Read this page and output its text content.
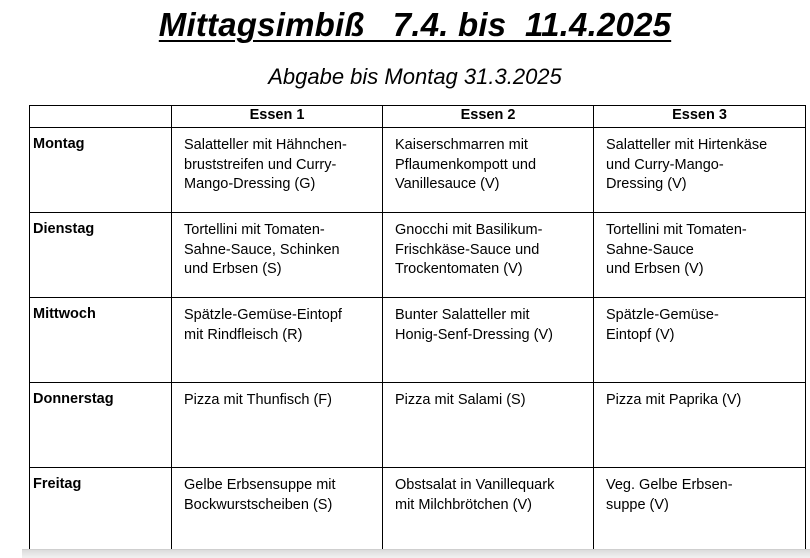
Mittagsimbiß   7.4. bis  11.4.2025
Abgabe bis Montag 31.3.2025
	Essen 1	Essen 2	Essen 3
Montag	Salatteller mit Hähnchen-
bruststreifen und Curry-
Mango-Dressing (G)	Kaiserschmarren mit
Pflaumenkompott und
Vanillesauce (V)	Salatteller mit Hirtenkäse
und Curry-Mango-
Dressing (V)

Dienstag	Tortellini mit Tomaten-
Sahne-Sauce, Schinken
und Erbsen (S)	Gnocchi mit Basilikum-
Frischkäse-Sauce und
Trockentomaten (V)	Tortellini mit Tomaten-
Sahne-Sauce
und Erbsen (V)

Mittwoch	Spätzle-Gemüse-Eintopf
mit Rindfleisch (R)	Bunter Salatteller mit
Honig-Senf-Dressing (V)	Spätzle-Gemüse-
Eintopf (V)

Donnerstag	Pizza mit Thunfisch (F)	Pizza mit Salami (S)	Pizza mit Paprika (V)

Freitag	Gelbe Erbsensuppe mit
Bockwurstscheiben (S)	Obstsalat in Vanillequark
mit Milchbrötchen (V)	Veg. Gelbe Erbsen-
suppe (V)
